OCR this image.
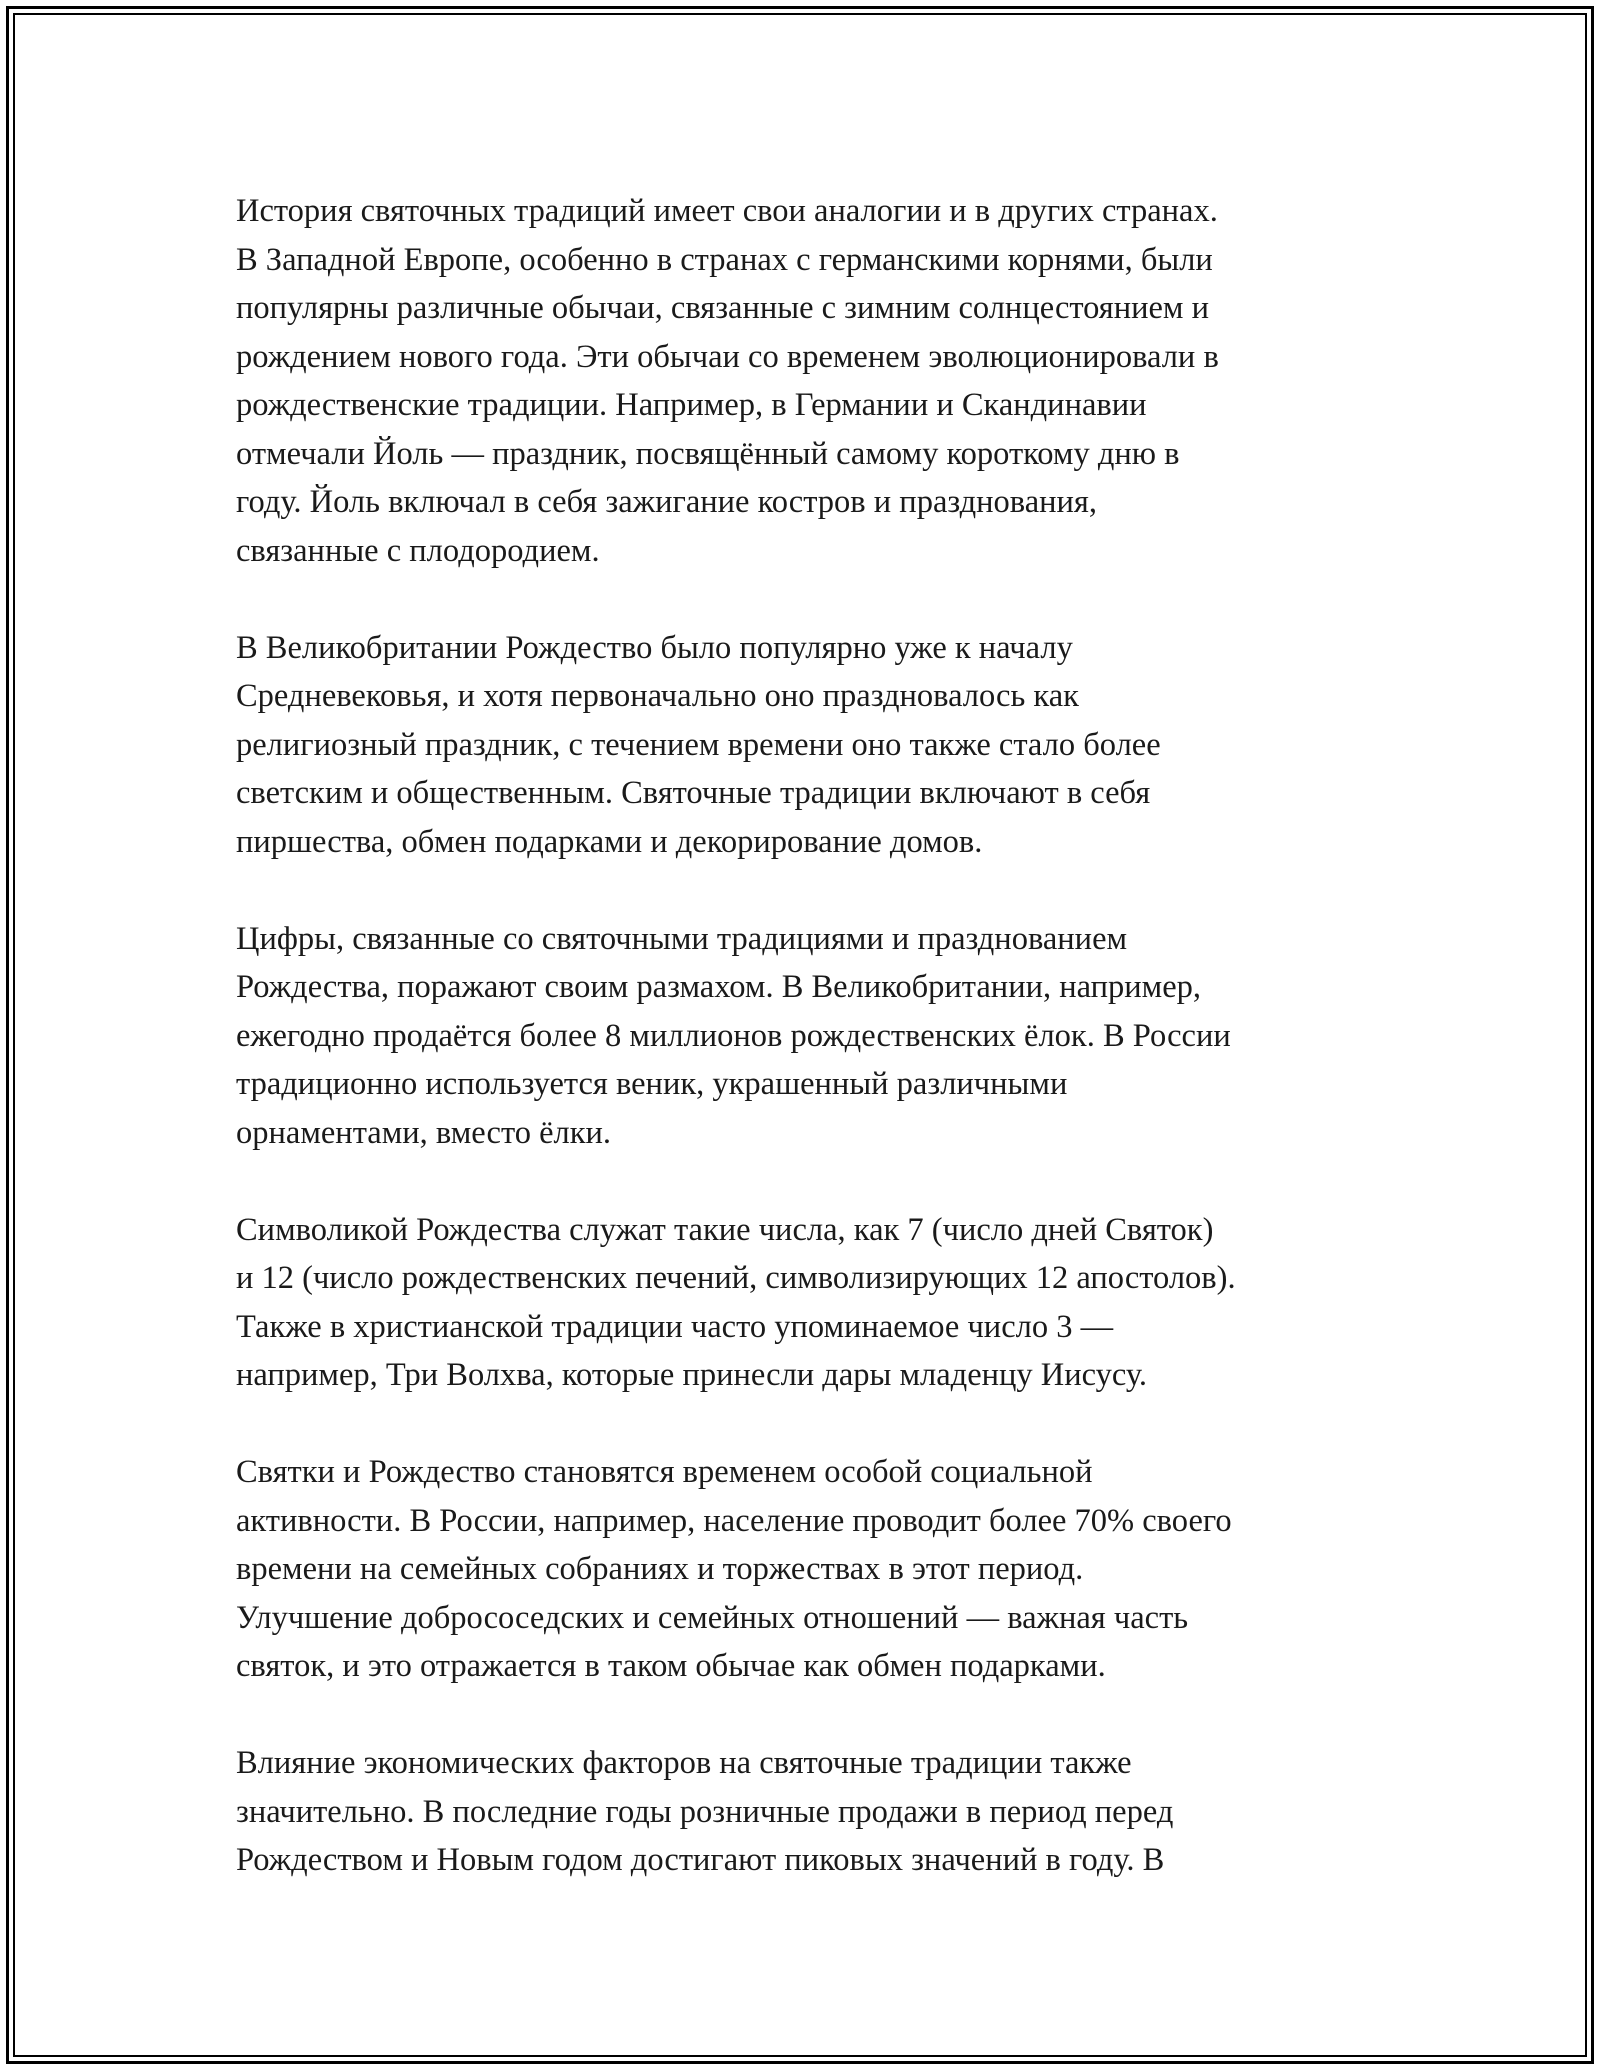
История святочных традиций имеет свои аналогии и в других странах.
В Западной Европе, особенно в странах с германскими корнями, были
популярны различные обычаи, связанные с зимним солнцестоянием и
рождением нового года. Эти обычаи со временем эволюционировали в
рождественские традиции. Например, в Германии и Скандинавии
отмечали Йоль — праздник, посвящённый самому короткому дню в
году. Йоль включал в себя зажигание костров и празднования,
связанные с плодородием.

В Великобритании Рождество было популярно уже к началу
Средневековья, и хотя первоначально оно праздновалось как
религиозный праздник, с течением времени оно также стало более
светским и общественным. Святочные традиции включают в себя
пиршества, обмен подарками и декорирование домов.

Цифры, связанные со святочными традициями и празднованием
Рождества, поражают своим размахом. В Великобритании, например,
ежегодно продаётся более 8 миллионов рождественских ёлок. В России
традиционно используется веник, украшенный различными
орнаментами, вместо ёлки.

Символикой Рождества служат такие числа, как 7 (число дней Святок)
и 12 (число рождественских печений, символизирующих 12 апостолов).
Также в христианской традиции часто упоминаемое число 3 —
например, Три Волхва, которые принесли дары младенцу Иисусу.

Святки и Рождество становятся временем особой социальной
активности. В России, например, население проводит более 70% своего
времени на семейных собраниях и торжествах в этот период.
Улучшение добрососедских и семейных отношений — важная часть
святок, и это отражается в таком обычае как обмен подарками.

Влияние экономических факторов на святочные традиции также
значительно. В последние годы розничные продажи в период перед
Рождеством и Новым годом достигают пиковых значений в году. В
